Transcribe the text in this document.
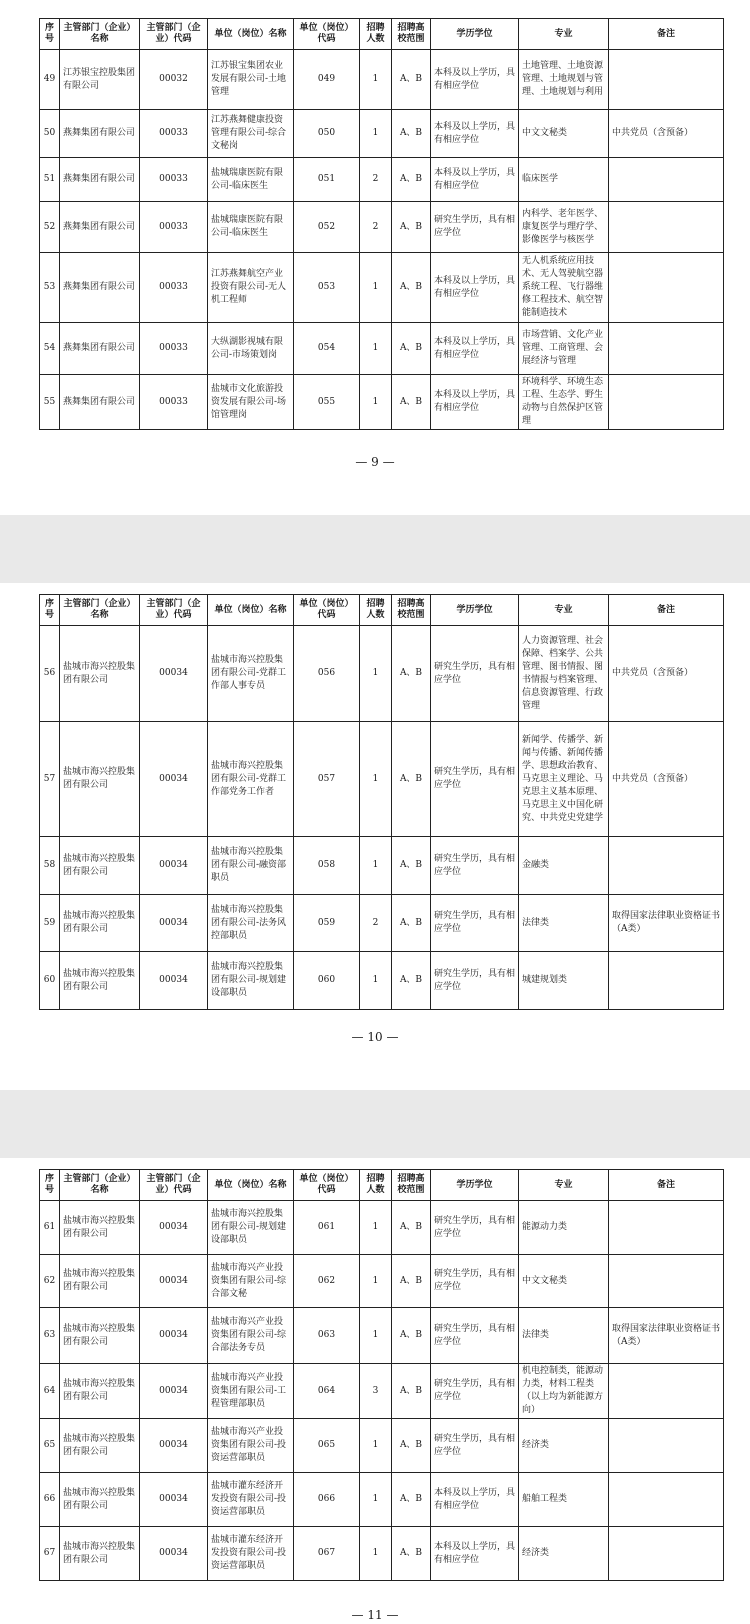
序号	主管部门（企业）名称	主管部门（企业）代码	单位（岗位）名称	单位（岗位）代码	招聘人数	招聘高校范围	学历学位	专业	备注
49	江苏银宝控股集团有限公司	00032	江苏银宝集团农业发展有限公司-土地管理	049	1	A、B	本科及以上学历，具有相应学位	土地管理、土地资源管理、土地规划与管理、土地规划与利用	
50	燕舞集团有限公司	00033	江苏燕舞健康投资管理有限公司-综合文秘岗	050	1	A、B	本科及以上学历，具有相应学位	中文文秘类	中共党员（含预备）
51	燕舞集团有限公司	00033	盐城瑞康医院有限公司-临床医生	051	2	A、B	本科及以上学历，具有相应学位	临床医学	
52	燕舞集团有限公司	00033	盐城瑞康医院有限公司-临床医生	052	2	A、B	研究生学历，具有相应学位	内科学、老年医学、康复医学与理疗学、影像医学与核医学	
53	燕舞集团有限公司	00033	江苏燕舞航空产业投资有限公司-无人机工程师	053	1	A、B	本科及以上学历，具有相应学位	无人机系统应用技术、无人驾驶航空器系统工程、飞行器维修工程技术、航空智能制造技术	
54	燕舞集团有限公司	00033	大纵湖影视城有限公司-市场策划岗	054	1	A、B	本科及以上学历，具有相应学位	市场营销、文化产业管理、工商管理、会展经济与管理	
55	燕舞集团有限公司	00033	盐城市文化旅游投资发展有限公司-场馆管理岗	055	1	A、B	本科及以上学历，具有相应学位	环境科学、环境生态工程、生态学、野生动物与自然保护区管理	
— 9 —
序号	主管部门（企业）名称	主管部门（企业）代码	单位（岗位）名称	单位（岗位）代码	招聘人数	招聘高校范围	学历学位	专业	备注
56	盐城市海兴控股集团有限公司	00034	盐城市海兴控股集团有限公司-党群工作部人事专员	056	1	A、B	研究生学历，具有相应学位	人力资源管理、社会保障、档案学、公共管理、图书情报、图书情报与档案管理、信息资源管理、行政管理	中共党员（含预备）
57	盐城市海兴控股集团有限公司	00034	盐城市海兴控股集团有限公司-党群工作部党务工作者	057	1	A、B	研究生学历，具有相应学位	新闻学、传播学、新闻与传播、新闻传播学、思想政治教育、马克思主义理论、马克思主义基本原理、马克思主义中国化研究、中共党史党建学	中共党员（含预备）
58	盐城市海兴控股集团有限公司	00034	盐城市海兴控股集团有限公司-融资部职员	058	1	A、B	研究生学历，具有相应学位	金融类	
59	盐城市海兴控股集团有限公司	00034	盐城市海兴控股集团有限公司-法务风控部职员	059	2	A、B	研究生学历，具有相应学位	法律类	取得国家法律职业资格证书（A类）
60	盐城市海兴控股集团有限公司	00034	盐城市海兴控股集团有限公司-规划建设部职员	060	1	A、B	研究生学历，具有相应学位	城建规划类	
— 10 —
序号	主管部门（企业）名称	主管部门（企业）代码	单位（岗位）名称	单位（岗位）代码	招聘人数	招聘高校范围	学历学位	专业	备注
61	盐城市海兴控股集团有限公司	00034	盐城市海兴控股集团有限公司-规划建设部职员	061	1	A、B	研究生学历，具有相应学位	能源动力类	
62	盐城市海兴控股集团有限公司	00034	盐城市海兴产业投资集团有限公司-综合部文秘	062	1	A、B	研究生学历，具有相应学位	中文文秘类	
63	盐城市海兴控股集团有限公司	00034	盐城市海兴产业投资集团有限公司-综合部法务专员	063	1	A、B	研究生学历，具有相应学位	法律类	取得国家法律职业资格证书（A类）
64	盐城市海兴控股集团有限公司	00034	盐城市海兴产业投资集团有限公司-工程管理部职员	064	3	A、B	研究生学历，具有相应学位	机电控制类，能源动力类，材料工程类（以上均为新能源方向）	
65	盐城市海兴控股集团有限公司	00034	盐城市海兴产业投资集团有限公司-投资运营部职员	065	1	A、B	研究生学历，具有相应学位	经济类	
66	盐城市海兴控股集团有限公司	00034	盐城市灌东经济开发投资有限公司-投资运营部职员	066	1	A、B	本科及以上学历，具有相应学位	船舶工程类	
67	盐城市海兴控股集团有限公司	00034	盐城市灌东经济开发投资有限公司-投资运营部职员	067	1	A、B	本科及以上学历，具有相应学位	经济类	
— 11 —
